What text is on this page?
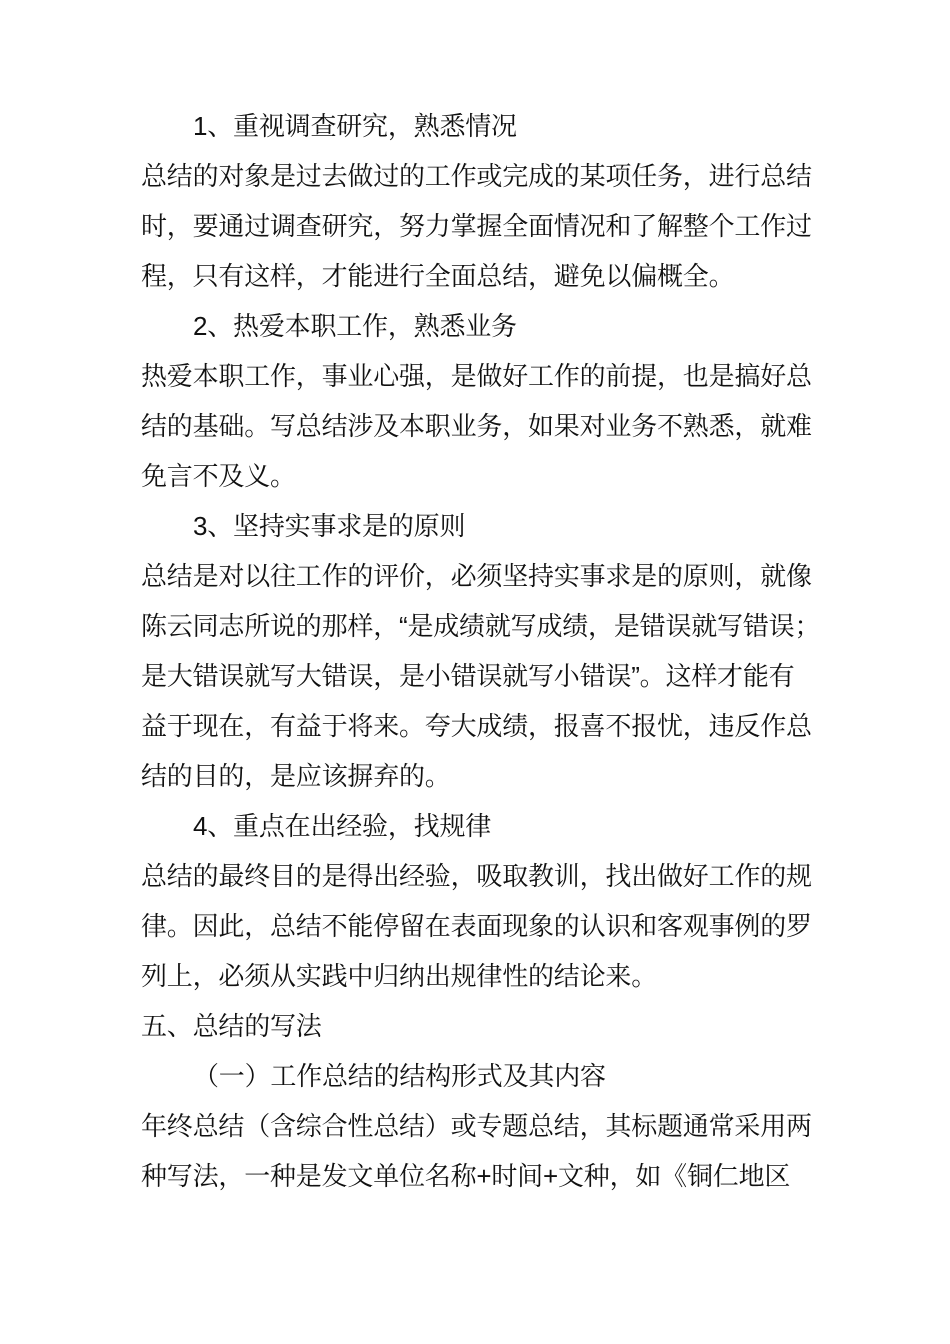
1、重视调查研究，熟悉情况
总结的对象是过去做过的工作或完成的某项任务，进行总结
时，要通过调查研究，努力掌握全面情况和了解整个工作过
程，只有这样，才能进行全面总结，避免以偏概全。
2、热爱本职工作，熟悉业务
热爱本职工作，事业心强，是做好工作的前提，也是搞好总
结的基础。写总结涉及本职业务，如果对业务不熟悉，就难
免言不及义。
3、坚持实事求是的原则
总结是对以往工作的评价，必须坚持实事求是的原则，就像
陈云同志所说的那样，“是成绩就写成绩，是错误就写错误；
是大错误就写大错误，是小错误就写小错误”。这样才能有
益于现在，有益于将来。夸大成绩，报喜不报忧，违反作总
结的目的，是应该摒弃的。
4、重点在出经验，找规律
总结的最终目的是得出经验，吸取教训，找出做好工作的规
律。因此，总结不能停留在表面现象的认识和客观事例的罗
列上，必须从实践中归纳出规律性的结论来。
五、总结的写法
（一）工作总结的结构形式及其内容
年终总结（含综合性总结）或专题总结，其标题通常采用两
种写法，一种是发文单位名称+时间+文种，如《铜仁地区
